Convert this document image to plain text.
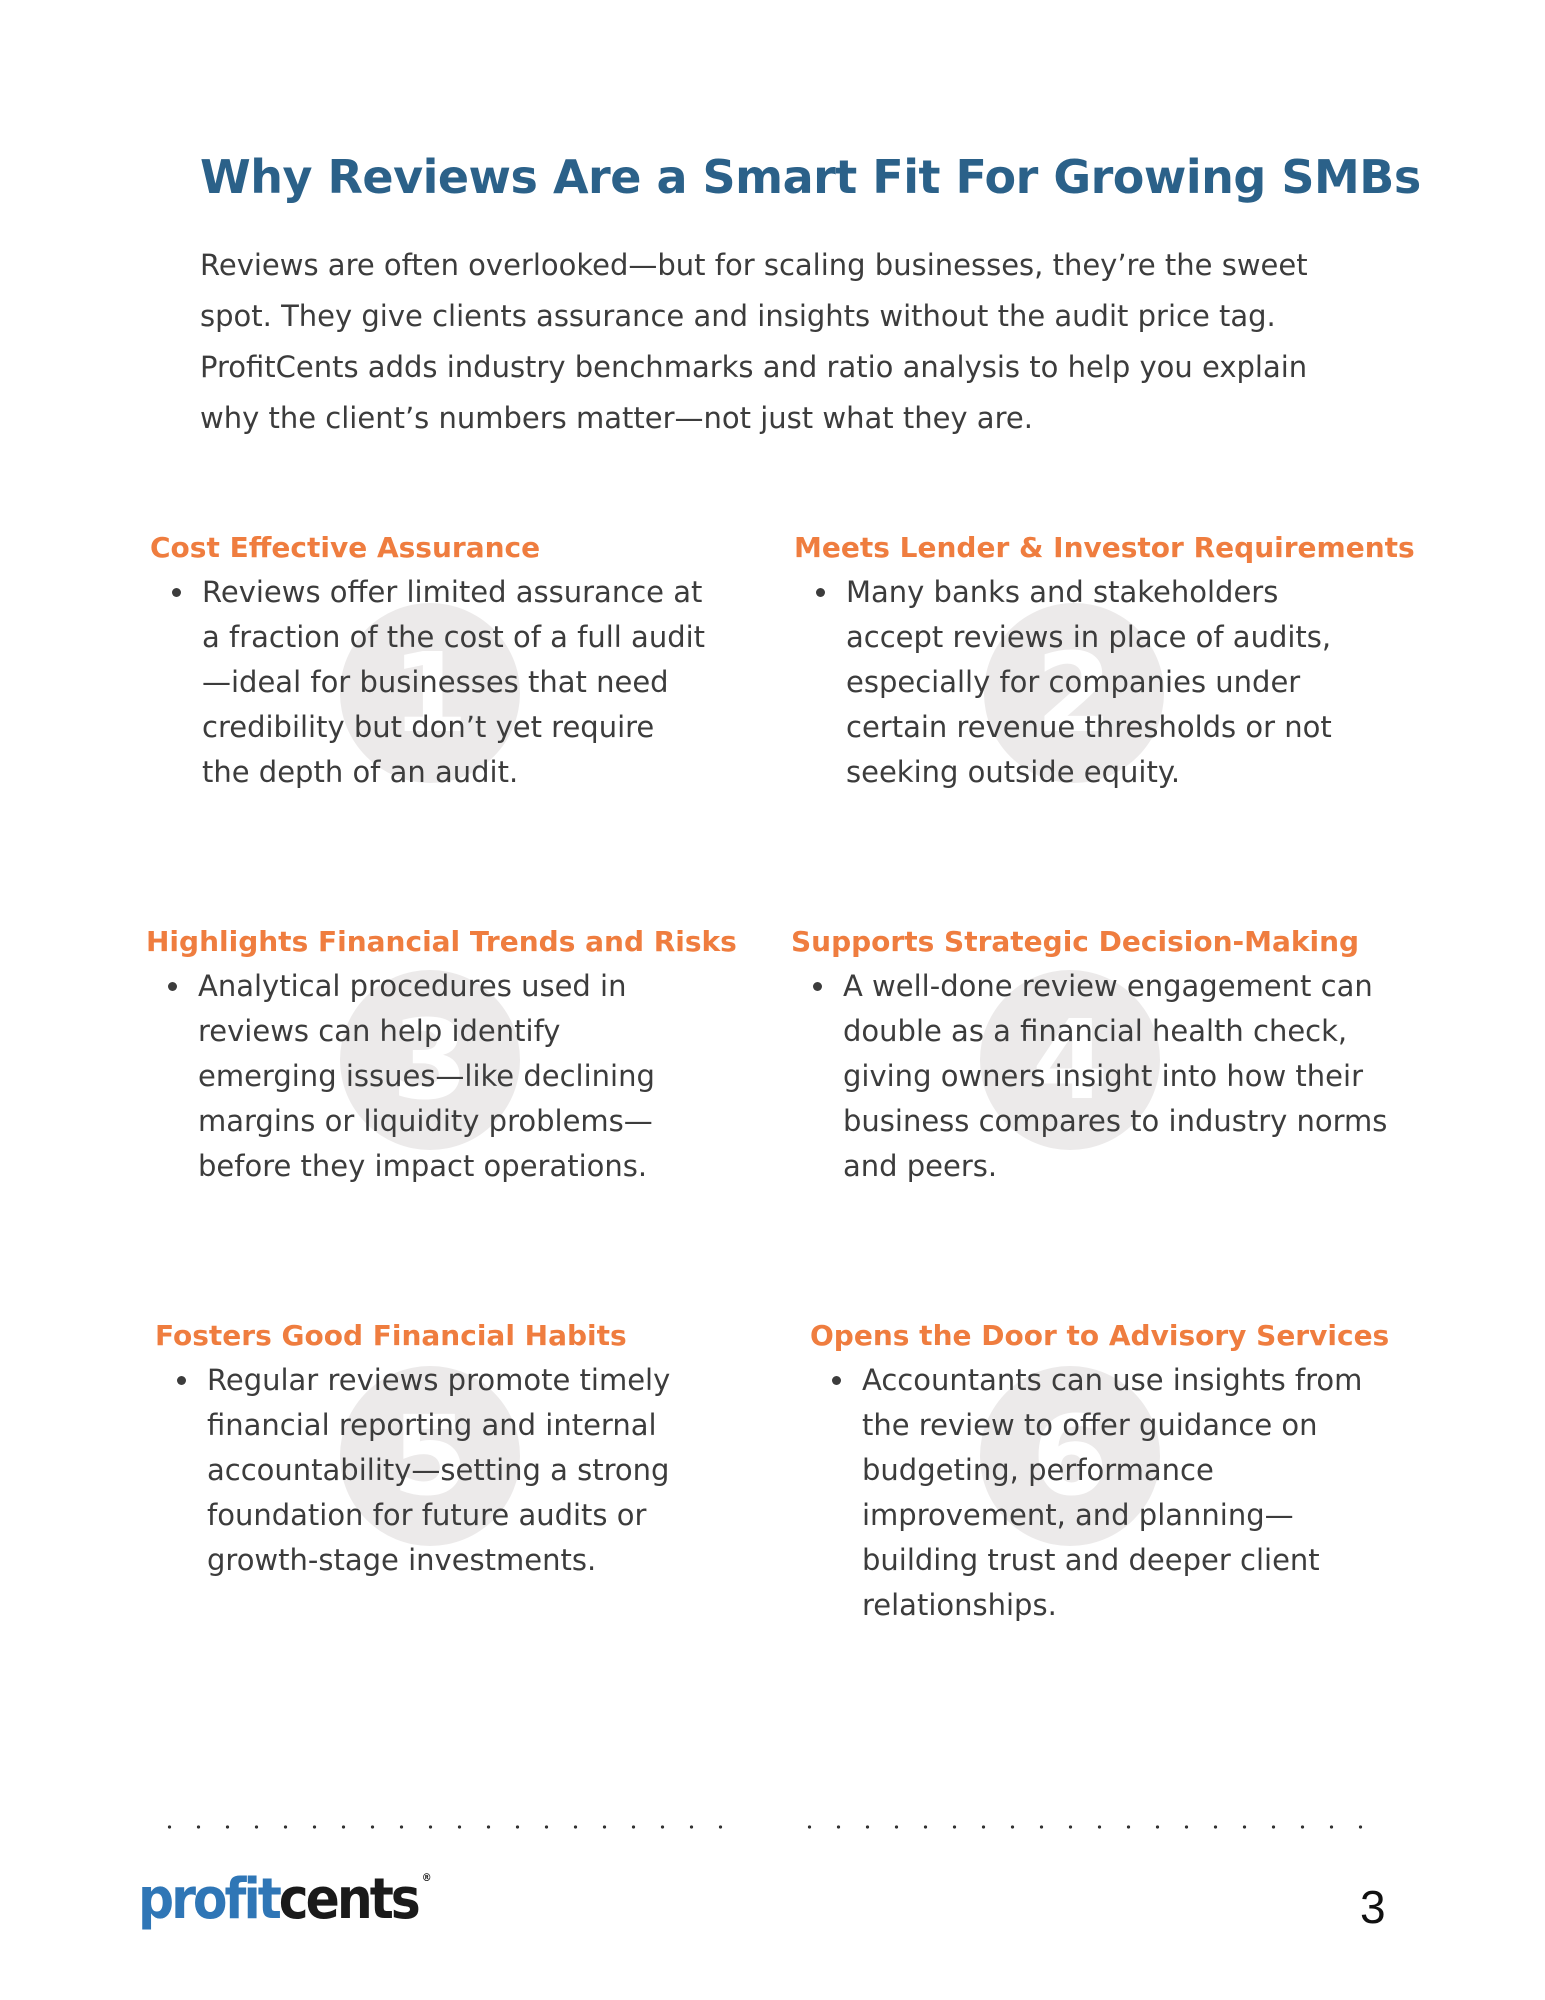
Why Reviews Are a Smart Fit For Growing SMBs

Reviews are often overlooked—but for scaling businesses, they’re the sweet spot. They give clients assurance and insights without the audit price tag. ProfitCents adds industry benchmarks and ratio analysis to help you explain why the client’s numbers matter—not just what they are.

1
Cost Effective Assurance
Reviews offer limited assurance at a fraction of the cost of a full audit —ideal for businesses that need credibility but don’t yet require the depth of an audit.
2
Meets Lender & Investor Requirements
Many banks and stakeholders accept reviews in place of audits, especially for companies under certain revenue thresholds or not seeking outside equity.
3
Highlights Financial Trends and Risks
Analytical procedures used in reviews can help identify emerging issues—like declining margins or liquidity problems—before they impact operations.
4
Supports Strategic Decision-Making
A well-done review engagement can double as a financial health check, giving owners insight into how their business compares to industry norms and peers.
5
Fosters Good Financial Habits
Regular reviews promote timely financial reporting and internal accountability—setting a strong foundation for future audits or growth-stage investments.
6
Opens the Door to Advisory Services
Accountants can use insights from the review to offer guidance on budgeting, performance improvement, and planning—building trust and deeper client relationships.
profitcents ®
3
